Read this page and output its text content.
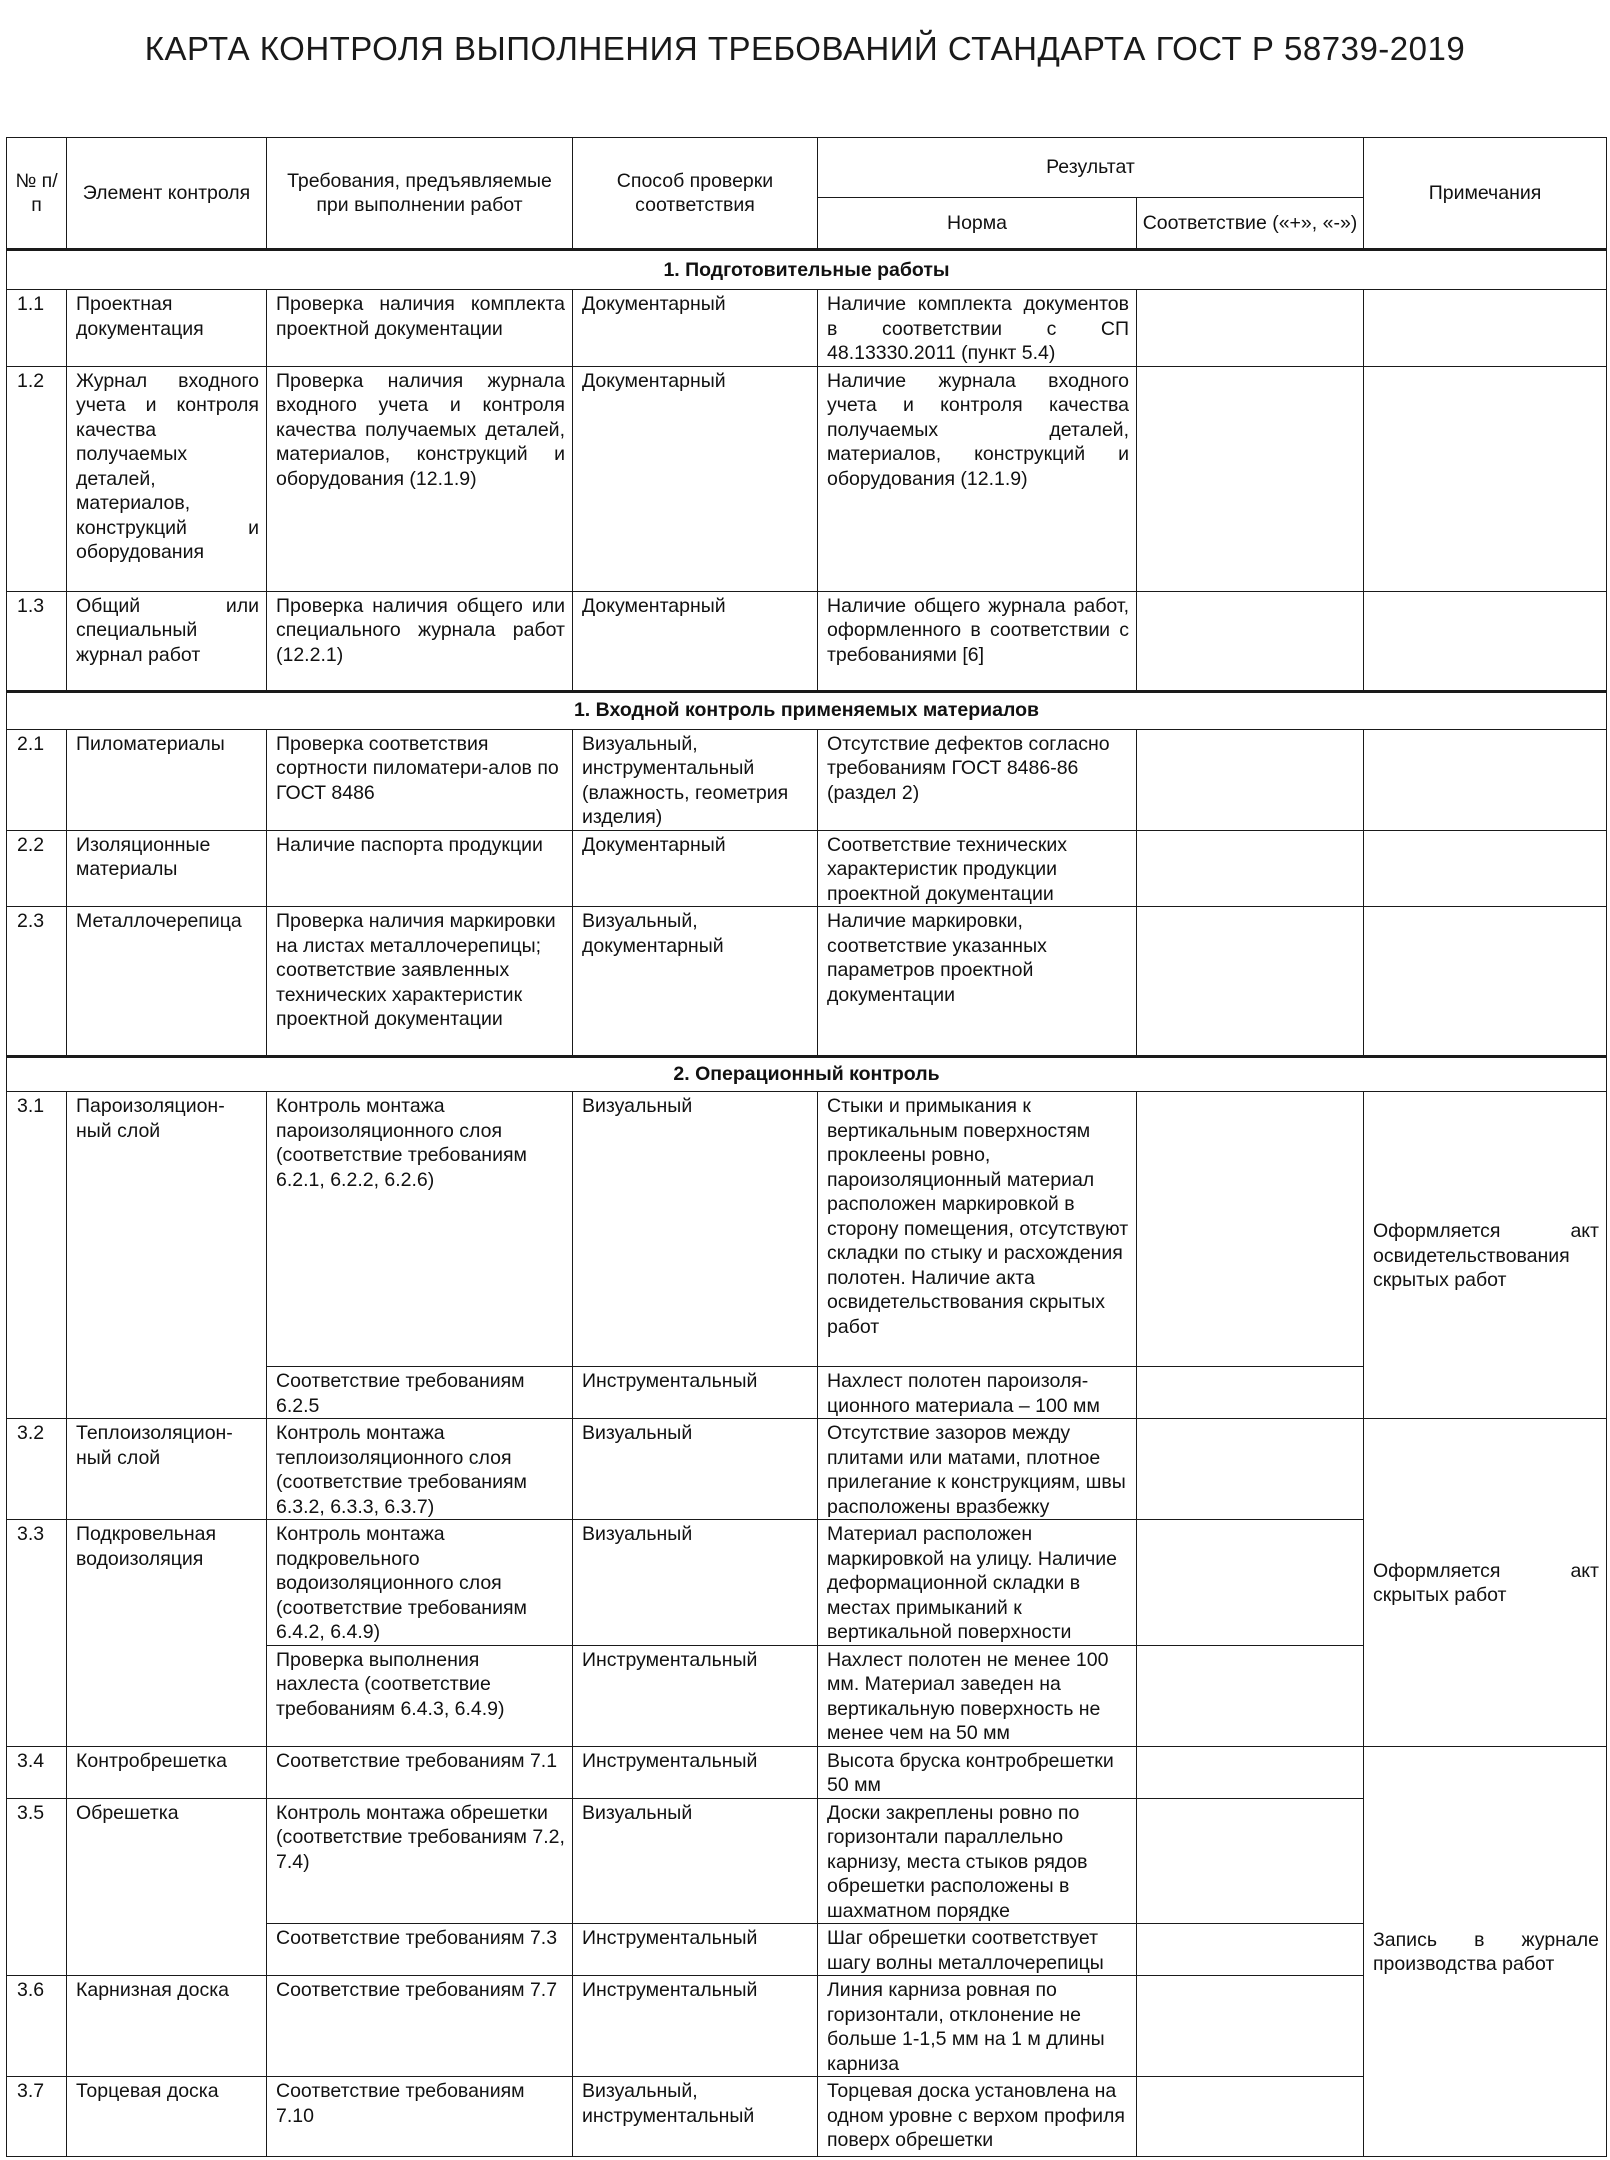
КАРТА КОНТРОЛЯ ВЫПОЛНЕНИЯ ТРЕБОВАНИЙ СТАНДАРТА ГОСТ Р 58739-2019
№ п/п	Элемент контроля	Требования, предъявляемые при выполнении работ	Способ проверки соответствия	Результат		Примечания
				Норма	Соответствие («+», «-»)	
1. Подготовительные работы						
1.1	Проектная документация	Проверка наличия комплекта проектной документации	Документарный	Наличие комплекта документов в соответствии с СП 48.13330.2011 (пункт 5.4)		
1.2	Журнал входного учета и контроля качества получаемых деталей, материалов, конструкций и оборудования	Проверка наличия журнала входного учета и контроля качества получаемых деталей, материалов, конструкций и оборудования (12.1.9)	Документарный	Наличие журнала входного учета и контроля качества получаемых деталей, материалов, конструкций и оборудования (12.1.9)		
1.3	Общий или специальный журнал работ	Проверка наличия общего или специального журнала работ (12.2.1)	Документарный	Наличие общего журнала работ, оформленного в соответствии с требованиями [6]		
1. Входной контроль применяемых материалов						
2.1	Пиломатериалы	Проверка соответствия сортности пиломатери-алов по ГОСТ 8486	Визуальный, инструментальный (влажность, геометрия изделия)	Отсутствие дефектов согласно требованиям ГОСТ 8486-86 (раздел 2)		
2.2	Изоляционные материалы	Наличие паспорта продукции	Документарный	Соответствие технических характеристик продукции проектной документации		
2.3	Металлочерепица	Проверка наличия маркировки на листах металлочерепицы; соответствие заявленных технических характеристик проектной документации	Визуальный, документарный	Наличие маркировки, соответствие указанных параметров проектной документации		
2. Операционный контроль						
3.1	Пароизоляцион-ный слой	Контроль монтажа пароизоляционного слоя (соответствие требованиям 6.2.1, 6.2.2, 6.2.6)	Визуальный	Стыки и примыкания к вертикальным поверхностям проклеены ровно, пароизоляционный материал расположен маркировкой в сторону помещения, отсутствуют складки по стыку и расхождения полотен. Наличие акта освидетельствования скрытых работ		Оформляется акт освидетельствования скрытых работ

		Соответствие требованиям 6.2.5	Инструментальный	Нахлест полотен пароизоля-ционного материала – 100 мм		
3.2	Теплоизоляцион-ный слой	Контроль монтажа теплоизоляционного слоя (соответствие требованиям 6.3.2, 6.3.3, 6.3.7)	Визуальный	Отсутствие зазоров между плитами или матами, плотное прилегание к конструкциям, швы расположены вразбежку		Оформляется акт скрытых работ

3.3	Подкровельная водоизоляция	Контроль монтажа подкровельного водоизоляционного слоя (соответствие требованиям 6.4.2, 6.4.9)	Визуальный	Материал расположен маркировкой на улицу. Наличие деформационной складки в местах примыканий к вертикальной поверхности		
		Проверка выполнения нахлеста (соответствие требованиям 6.4.3, 6.4.9)	Инструментальный	Нахлест полотен не менее 100 мм. Материал заведен на вертикальную поверхность не менее чем на 50 мм		
3.4	Контробрешетка	Соответствие требованиям 7.1	Инструментальный	Высота бруска контробрешетки 50 мм		Запись в журнале производства работ

3.5	Обрешетка	Контроль монтажа обрешетки (соответствие требованиям 7.2, 7.4)	Визуальный	Доски закреплены ровно по горизонтали параллельно карнизу, места стыков рядов обрешетки расположены в шахматном порядке		
		Соответствие требованиям 7.3	Инструментальный	Шаг обрешетки соответствует шагу волны металлочерепицы		
3.6	Карнизная доска	Соответствие требованиям 7.7	Инструментальный	Линия карниза ровная по горизонтали, отклонение не больше 1-1,5 мм на 1 м длины карниза		
3.7	Торцевая доска	Соответствие требованиям 7.10	Визуальный, инструментальный	Торцевая доска установлена на одном уровне с верхом профиля поверх обрешетки		
